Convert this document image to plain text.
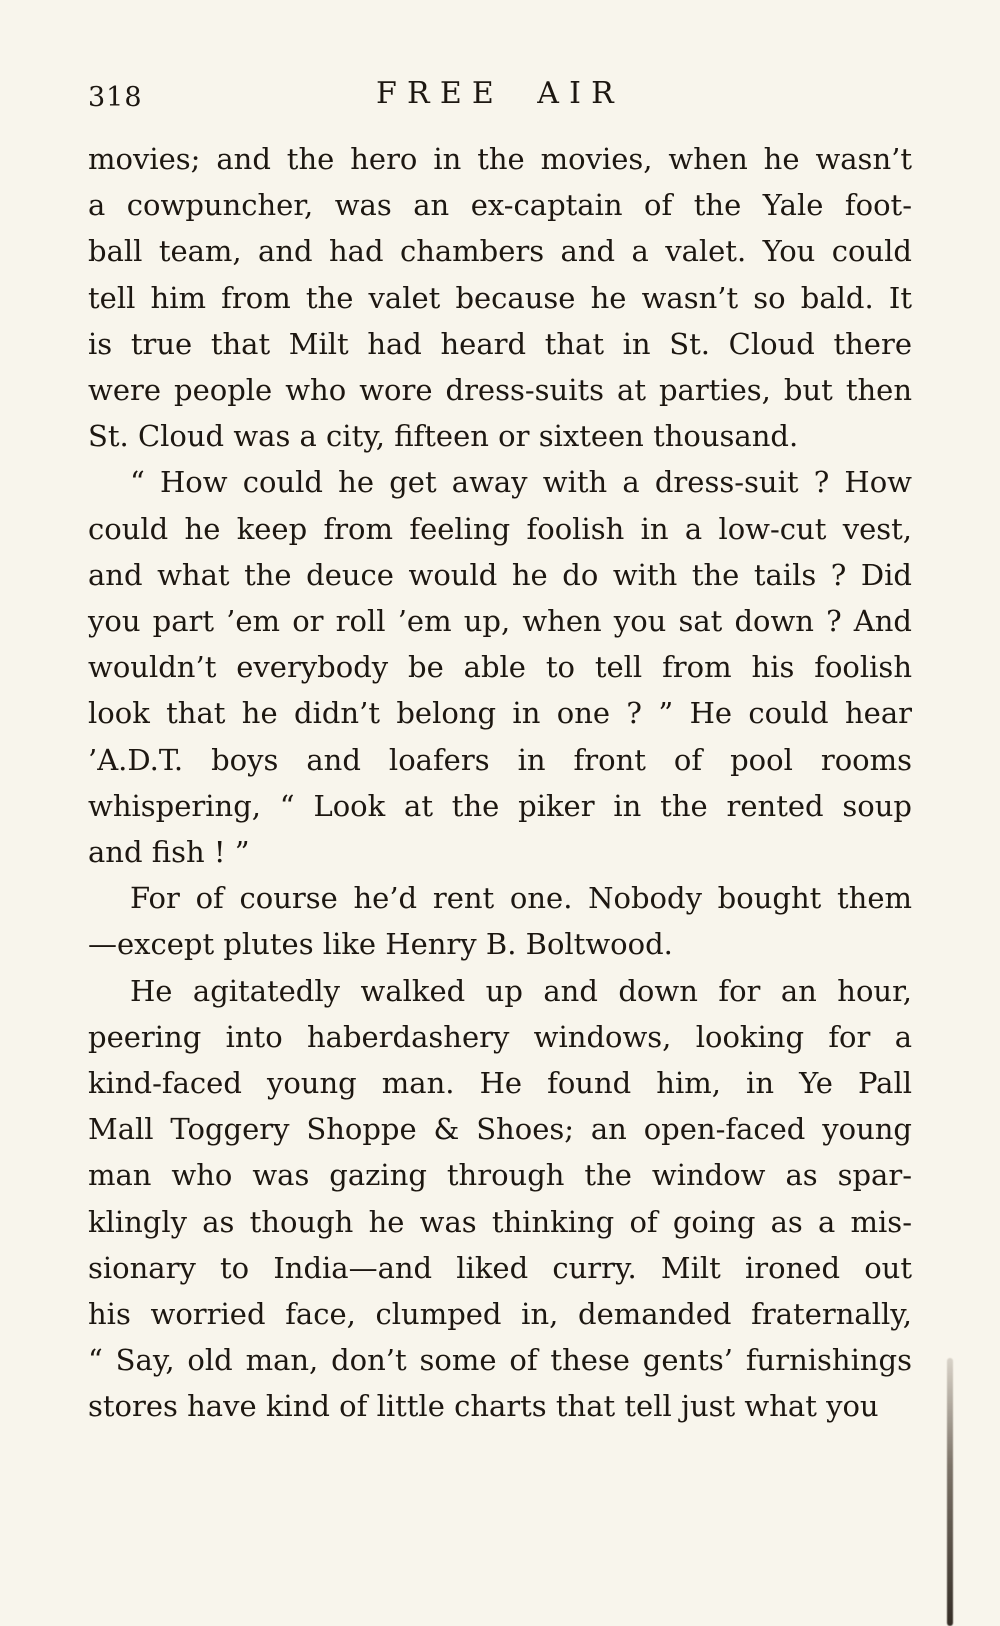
318	FREE AIR
movies; and the hero in the movies, when he wasn’t
a cowpuncher, was an ex-captain of the Yale foot-
ball team, and had chambers and a valet. You could
tell him from the valet because he wasn’t so bald. It
is true that Milt had heard that in St. Cloud there
were people who wore dress-suits at parties, but then
St. Cloud was a city, fifteen or sixteen thousand.
“ How could he get away with a dress-suit ? How
could he keep from feeling foolish in a low-cut vest,
and what the deuce would he do with the tails ? Did
you part ’em or roll ’em up, when you sat down ? And
wouldn’t everybody be able to tell from his foolish
look that he didn’t belong in one ? ” He could hear
’A.D.T. boys and loafers in front of pool rooms
whispering, “ Look at the piker in the rented soup
and fish ! ”
For of course he’d rent one. Nobody bought them
—except plutes like Henry B. Boltwood.
He agitatedly walked up and down for an hour,
peering into haberdashery windows, looking for a
kind-faced young man. He found him, in Ye Pall
Mall Toggery Shoppe & Shoes; an open-faced young
man who was gazing through the window as spar-
klingly as though he was thinking of going as a mis-
sionary to India—and liked curry. Milt ironed out
his worried face, clumped in, demanded fraternally,
“ Say, old man, don’t some of these gents’ furnishings
stores have kind of little charts that tell just what you
